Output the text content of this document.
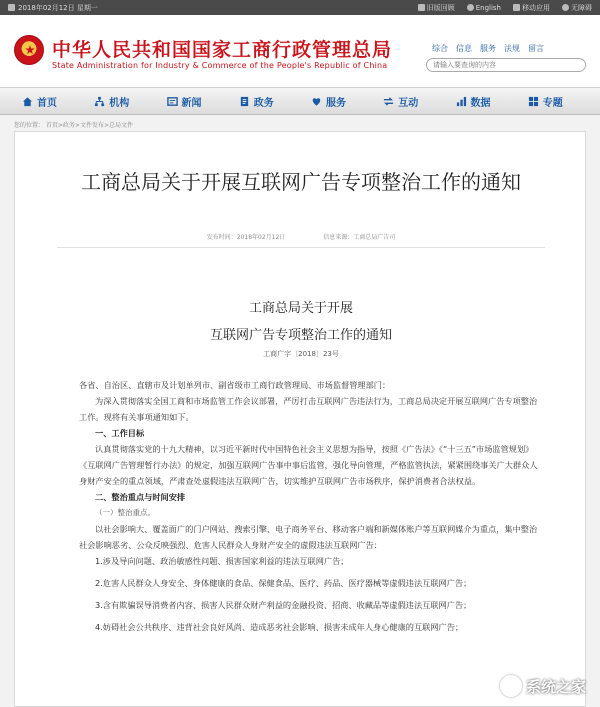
2018年02月12日 星期一	旧版回顾	English	移动应用	无障碍
中华人民共和国国家工商行政管理总局
State Administration for Industry & Commerce of the People's Republic of China
综合 信息 服务 法规 留言
请输入要查询的内容
首页	机构	新闻	政务	服务	互动	数据	专题
您的位置： 首页>政务>文件发布>总局文件
工商总局关于开展互联网广告专项整治工作的通知
发布时间：2018年02月12日	信息来源：工商总局广告司
工商总局关于开展
互联网广告专项整治工作的通知
工商广字〔2018〕23号

各省、自治区、直辖市及计划单列市、副省级市工商行政管理局、市场监督管理部门：

为深入贯彻落实全国工商和市场监管工作会议部署，严厉打击互联网广告违法行为，工商总局决定开展互联网广告专项整治工作。现将有关事项通知如下。

一、工作目标

认真贯彻落实党的十九大精神，以习近平新时代中国特色社会主义思想为指导，按照《广告法》《“十三五”市场监管规划》《互联网广告管理暂行办法》的规定，加强互联网广告事中事后监管，强化导向管理，严格监管执法，紧紧围绕事关广大群众人身财产安全的重点领域，严肃查处虚假违法互联网广告，切实维护互联网广告市场秩序，保护消费者合法权益。

二、整治重点与时间安排

（一）整治重点。

以社会影响大、覆盖面广的门户网站、搜索引擎、电子商务平台、移动客户端和新媒体账户等互联网媒介为重点，集中整治社会影响恶劣、公众反映强烈、危害人民群众人身财产安全的虚假违法互联网广告：

1.涉及导向问题、政治敏感性问题、损害国家利益的违法互联网广告；

2.危害人民群众人身安全、身体健康的食品、保健食品、医疗、药品、医疗器械等虚假违法互联网广告；

3.含有欺骗误导消费者内容、损害人民群众财产利益的金融投资、招商、收藏品等虚假违法互联网广告；

4.妨碍社会公共秩序、违背社会良好风尚、造成恶劣社会影响、损害未成年人身心健康的互联网广告；

系统之家
